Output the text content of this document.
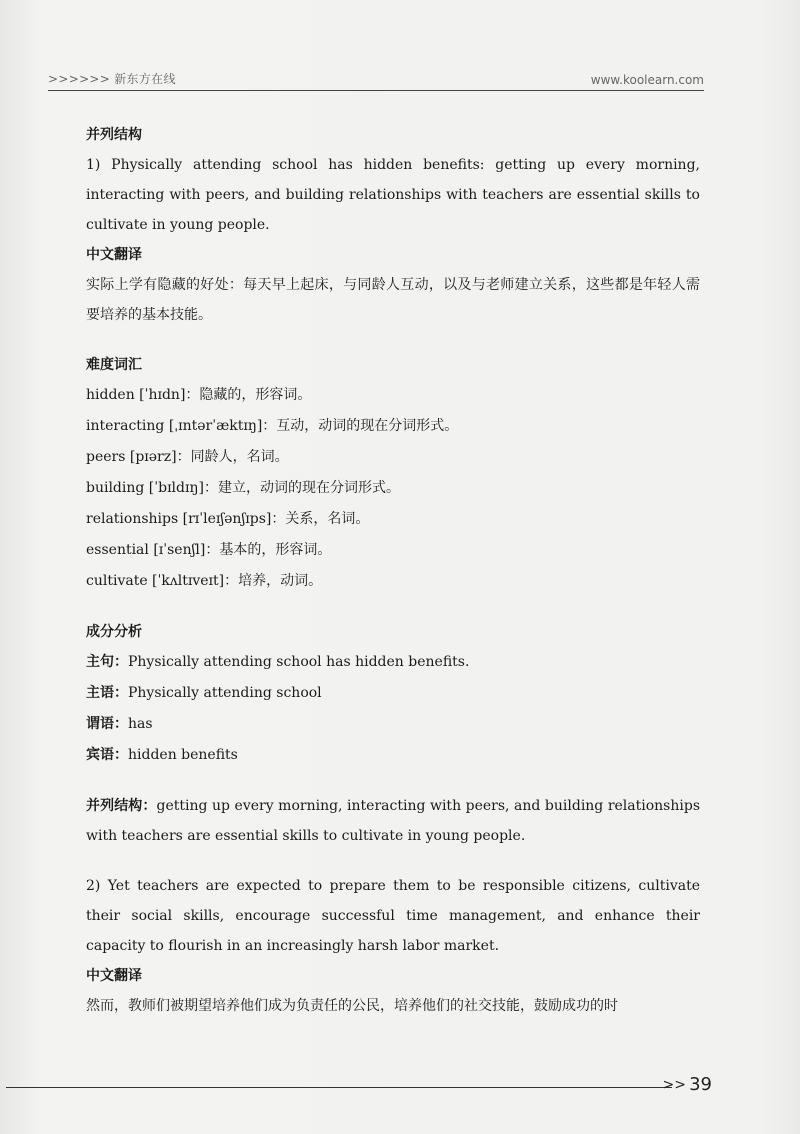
>>>>>> 新东方在线	www.koolearn.com

并列结构

1) Physically attending school has hidden benefits: getting up every morning, interacting with peers, and building relationships with teachers are essential skills to cultivate in young people.

中文翻译

实际上学有隐藏的好处：每天早上起床，与同龄人互动，以及与老师建立关系，这些都是年轻人需要培养的基本技能。

难度词汇

hidden [ˈhɪdn]：隐藏的，形容词。

interacting [ˌɪntərˈæktɪŋ]：互动，动词的现在分词形式。

peers [pɪərz]：同龄人，名词。

building [ˈbɪldɪŋ]：建立，动词的现在分词形式。

relationships [rɪˈleɪʃənʃɪps]：关系，名词。

essential [ɪˈsenʃl]：基本的，形容词。

cultivate [ˈkʌltɪveɪt]：培养，动词。

成分分析

主句：Physically attending school has hidden benefits.

主语：Physically attending school

谓语：has

宾语：hidden benefits

并列结构：getting up every morning, interacting with peers, and building relationships with teachers are essential skills to cultivate in young people.

2) Yet teachers are expected to prepare them to be responsible citizens, cultivate their social skills, encourage successful time management, and enhance their capacity to flourish in an increasingly harsh labor market.

中文翻译

然而，教师们被期望培养他们成为负责任的公民，培养他们的社交技能，鼓励成功的时

>> 39
